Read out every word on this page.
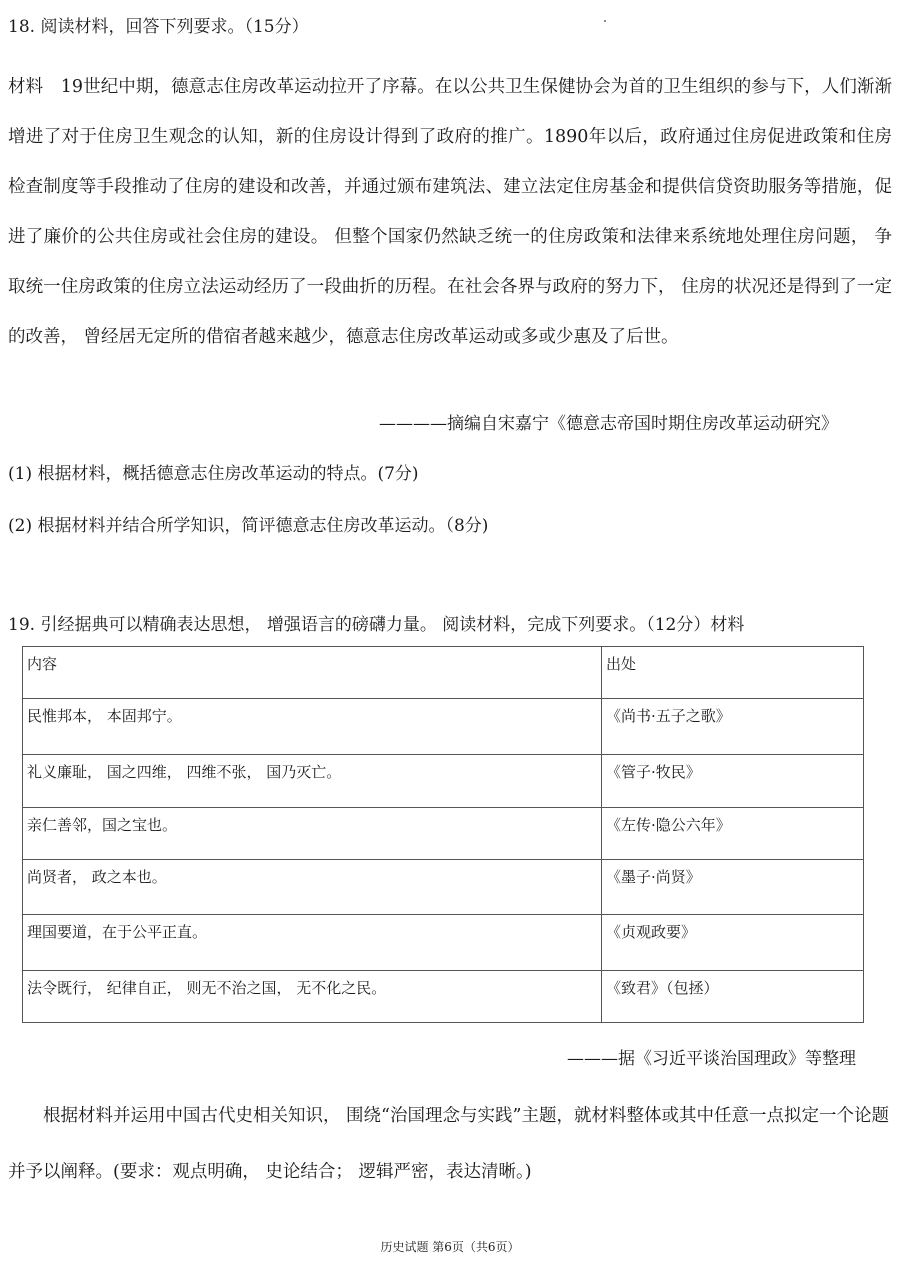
18. 阅读材料，回答下列要求。（15分）
材料　19世纪中期，德意志住房改革运动拉开了序幕。在以公共卫生保健协会为首的卫生组织的参与下，人们渐渐增进了对于住房卫生观念的认知，新的住房设计得到了政府的推广。1890年以后，政府通过住房促进政策和住房检查制度等手段推动了住房的建设和改善，并通过颁布建筑法、建立法定住房基金和提供信贷资助服务等措施，促进了廉价的公共住房或社会住房的建设。 但整个国家仍然缺乏统一的住房政策和法律来系统地处理住房问题， 争取统一住房政策的住房立法运动经历了一段曲折的历程。在社会各界与政府的努力下， 住房的状况还是得到了一定的改善， 曾经居无定所的借宿者越来越少，德意志住房改革运动或多或少惠及了后世。
————摘编自宋嘉宁《德意志帝国时期住房改革运动研究》
(1) 根据材料，概括德意志住房改革运动的特点。(7分)
(2) 根据材料并结合所学知识，简评德意志住房改革运动。（8分)
19. 引经据典可以精确表达思想， 增强语言的磅礴力量。 阅读材料，完成下列要求。（12分）材料
内容	出处
民惟邦本， 本固邦宁。	《尚书·五子之歌》
礼义廉耻， 国之四维， 四维不张， 国乃灭亡。	《管子·牧民》
亲仁善邻，国之宝也。	《左传·隐公六年》
尚贤者， 政之本也。	《墨子·尚贤》
理国要道，在于公平正直。	《贞观政要》
法令既行， 纪律自正， 则无不治之国， 无不化之民。	《致君》（包拯）
———据《习近平谈治国理政》等整理
根据材料并运用中国古代史相关知识， 围绕“治国理念与实践”主题，就材料整体或其中任意一点拟定一个论题并予以阐释。(要求：观点明确， 史论结合； 逻辑严密，表达清晰。)
历史试题 第6页（共6页）
